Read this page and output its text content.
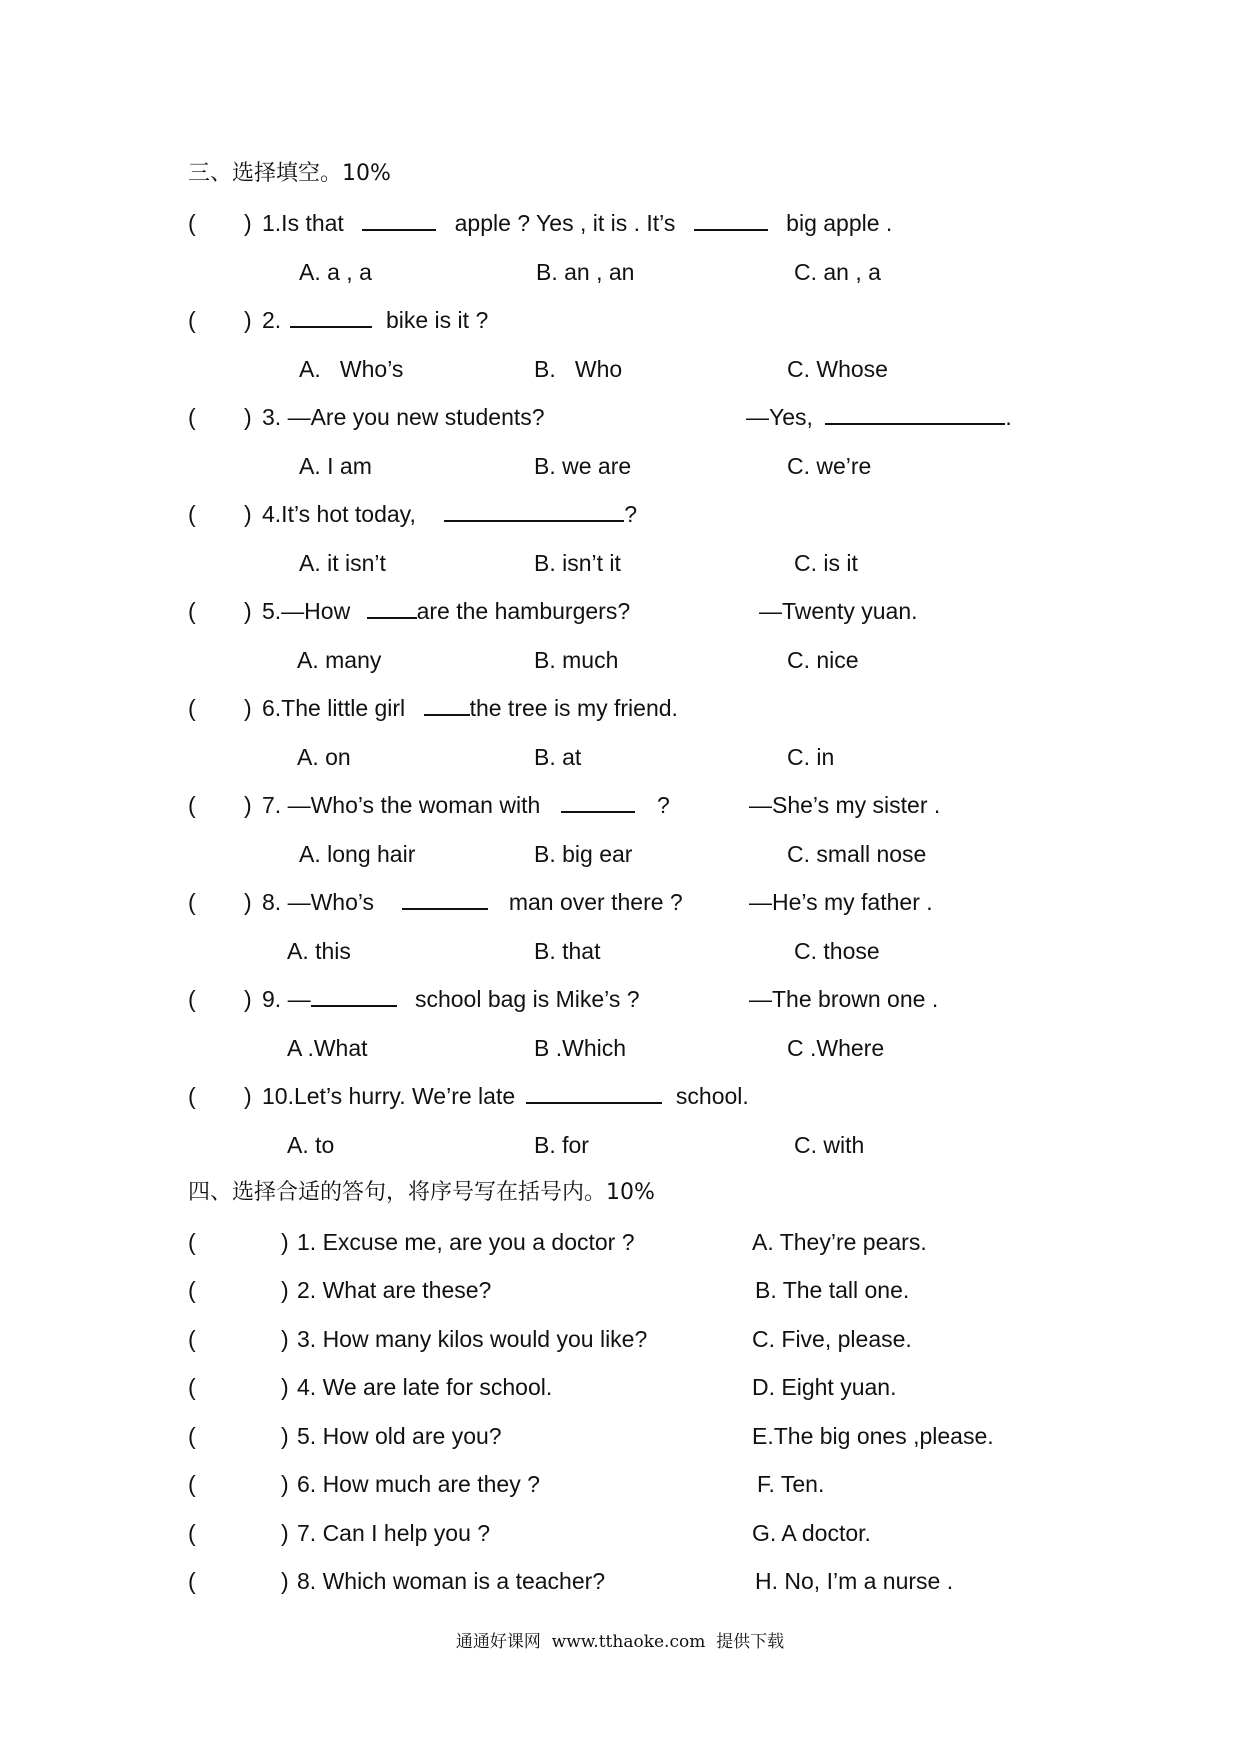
三、选择填空。10%
( ) 1.Is that	apple ? Yes , it is . It’s	big apple .
A. a , a	B. an , an	C. an , a
( ) 2.	bike is it ?
A.   Who’s	B.   Who	C. Whose
( ) 3. —Are you new students?	—Yes,	.
A. I am	B. we are	C. we’re
( ) 4.It’s hot today,	?
A. it isn’t	B. isn’t it	C. is it
( ) 5.—How	are the hamburgers?	—Twenty yuan.
A. many	B. much	C. nice
( ) 6.The little girl	the tree is my friend.
A. on	B. at	C. in
( ) 7. —Who’s the woman with	?	—She’s my sister .
A. long hair	B. big ear	C. small nose
( ) 8. —Who’s	man over there ?	—He’s my father .
A. this	B. that	C. those
( ) 9. —	school bag is Mike’s ?	—The brown one .
A .What	B .Which	C .Where
( ) 10.Let’s hurry. We’re late	school.
A. to	B. for	C. with
四、选择合适的答句，将序号写在括号内。10%
(	) 1. Excuse me, are you a doctor ?	A. They’re pears.
(	) 2. What are these?	B. The tall one.
(	) 3. How many kilos would you like?	C. Five, please.
(	) 4. We are late for school.	D. Eight yuan.
(	) 5. How old are you?	E.The big ones ,please.
(	) 6. How much are they ?	F. Ten.
(	) 7. Can I help you ?	G. A doctor.
(	) 8. Which woman is a teacher?	H. No, I’m a nurse .
通通好课网  www.tthaoke.com  提供下载
